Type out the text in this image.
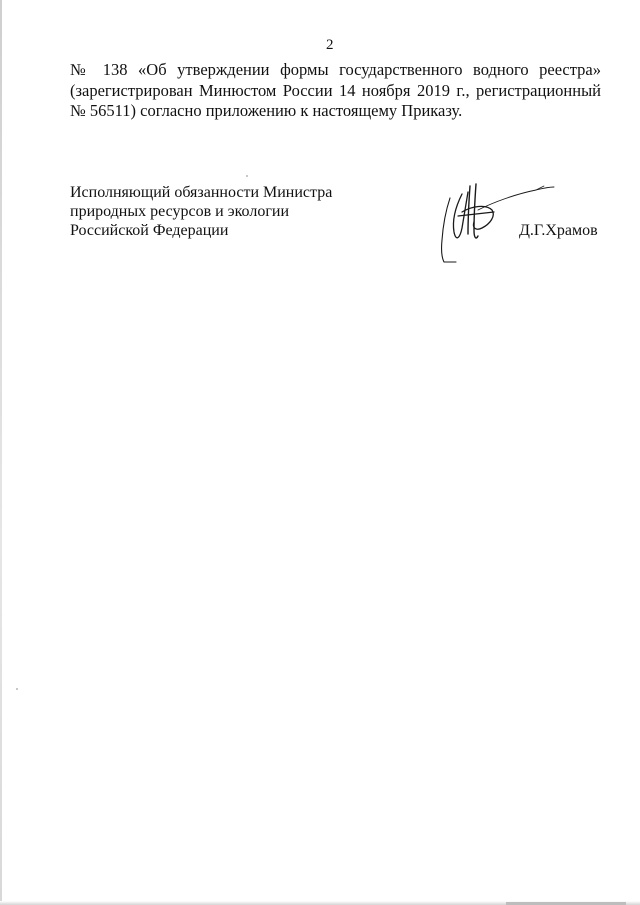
2

№ 138 «Об утверждении формы государственного водного реестра»
(зарегистрирован Минюстом России 14 ноября 2019 г., регистрационный
№ 56511) согласно приложению к настоящему Приказу.

Исполняющий обязанности Министра
природных ресурсов и экологии
Российской Федерации	Д.Г.Храмов
